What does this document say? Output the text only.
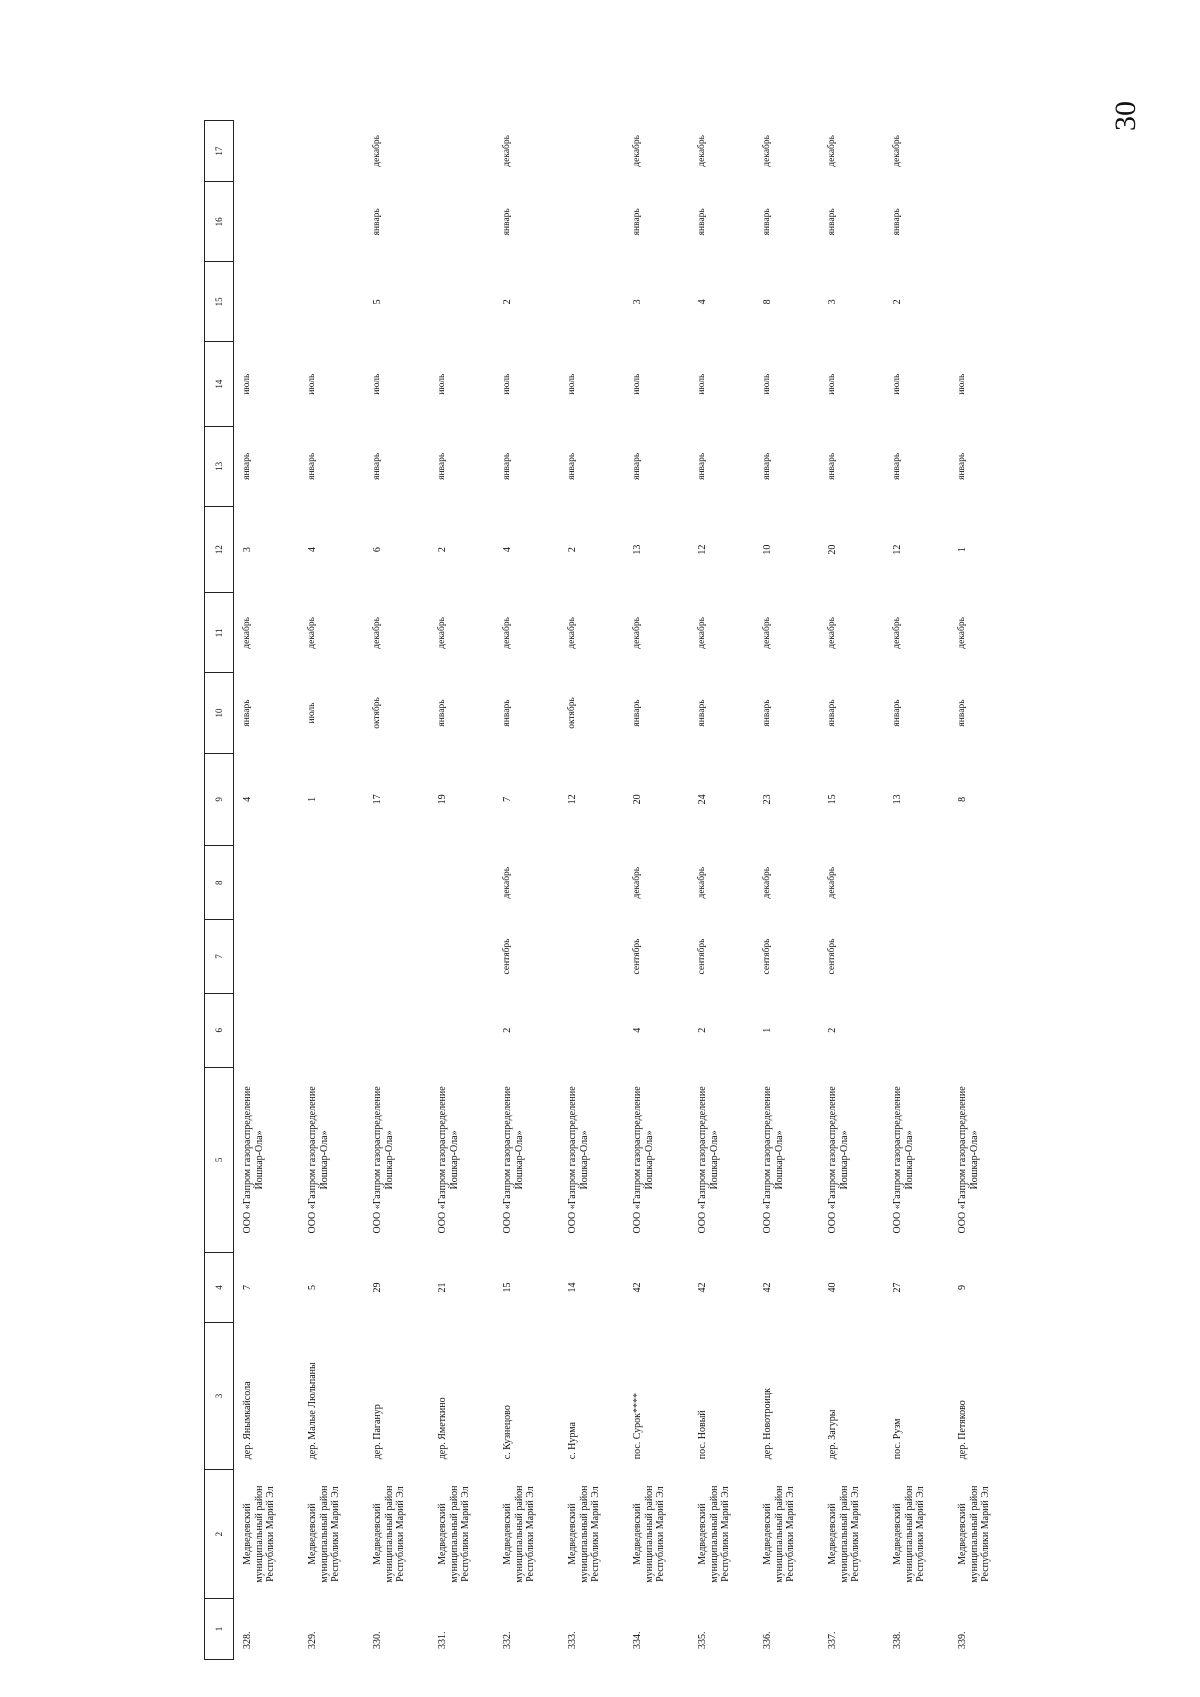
30
1	2	3	4	5	6	7	8	9	10	11	12	13	14	15	16	17
328.	Медведевский муниципальный район Республики Марий Эл	дер. Янымкайсола	7	ООО «Газпром газораспределение Йошкар-Ола»				4	январь	декабрь	3	январь	июль			
329.	Медведевский муниципальный район Республики Марий Эл	дер. Малые Люльпаны	5	ООО «Газпром газораспределение Йошкар-Ола»				1	июль	декабрь	4	январь	июль			
330.	Медведевский муниципальный район Республики Марий Эл	дер. Пагануp	29	ООО «Газпром газораспределение Йошкар-Ола»				17	октябрь	декабрь	6	январь	июль	5	январь	декабрь
331.	Медведевский муниципальный район Республики Марий Эл	дер. Яметкино	21	ООО «Газпром газораспределение Йошкар-Ола»				19	январь	декабрь	2	январь	июль			
332.	Медведевский муниципальный район Республики Марий Эл	с. Кузнецово	15	ООО «Газпром газораспределение Йошкар-Ола»	2	сентябрь	декабрь	7	январь	декабрь	4	январь	июль	2	январь	декабрь
333.	Медведевский муниципальный район Республики Марий Эл	с. Нурма	14	ООО «Газпром газораспределение Йошкар-Ола»				12	октябрь	декабрь	2	январь	июль			
334.	Медведевский муниципальный район Республики Марий Эл	пос. Сурок****	42	ООО «Газпром газораспределение Йошкар-Ола»	4	сентябрь	декабрь	20	январь	декабрь	13	январь	июль	3	январь	декабрь
335.	Медведевский муниципальный район Республики Марий Эл	пос. Новый	42	ООО «Газпром газораспределение Йошкар-Ола»	2	сентябрь	декабрь	24	январь	декабрь	12	январь	июль	4	январь	декабрь
336.	Медведевский муниципальный район Республики Марий Эл	дер. Новотроицк	42	ООО «Газпром газораспределение Йошкар-Ола»	1	сентябрь	декабрь	23	январь	декабрь	10	январь	июль	8	январь	декабрь
337.	Медведевский муниципальный район Республики Марий Эл	дер. Загуры	40	ООО «Газпром газораспределение Йошкар-Ола»	2	сентябрь	декабрь	15	январь	декабрь	20	январь	июль	3	январь	декабрь
338.	Медведевский муниципальный район Республики Марий Эл	пос. Рузм	27	ООО «Газпром газораспределение Йошкар-Ола»				13	январь	декабрь	12	январь	июль	2	январь	декабрь
339.	Медведевский муниципальный район Республики Марий Эл	дер. Петяково	9	ООО «Газпром газораспределение Йошкар-Ола»				8	январь	декабрь	1	январь	июль			
